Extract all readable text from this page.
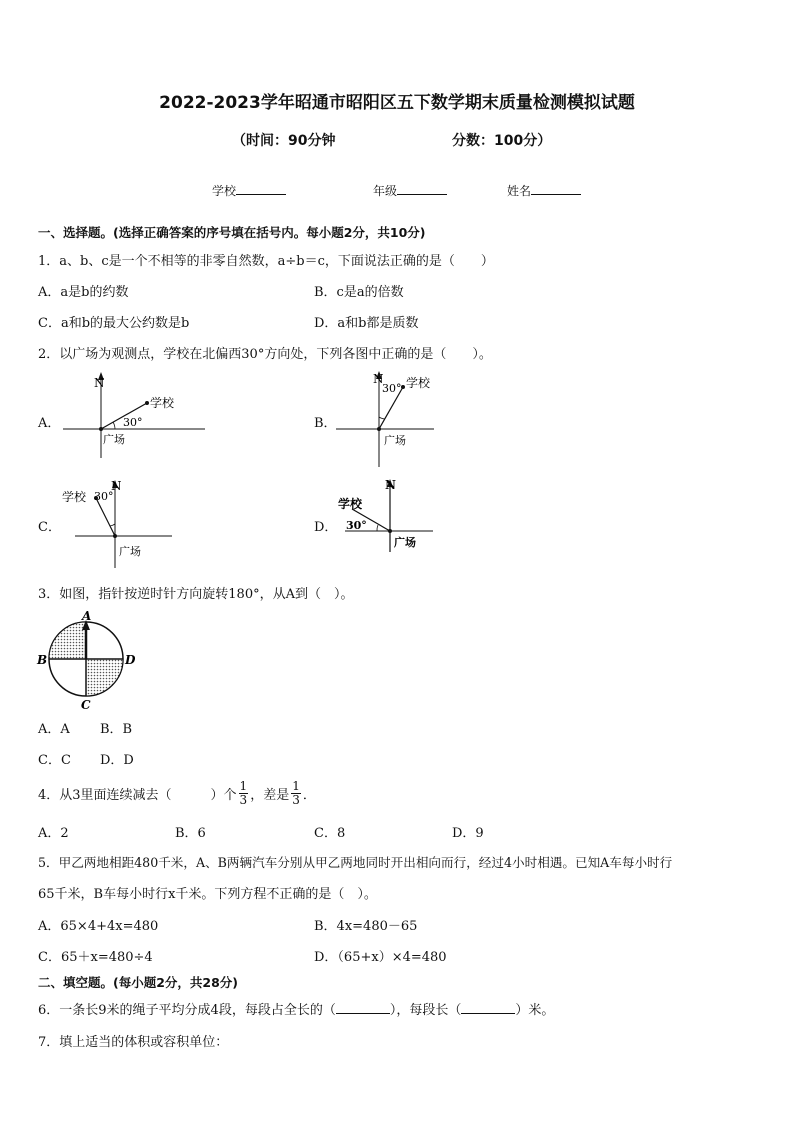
2022-2023学年昭通市昭阳区五下数学期末质量检测模拟试题
（时间：90分钟	分数：100分）
学校	年级	姓名
一、选择题。(选择正确答案的序号填在括号内。每小题2分，共10分)
1．a、b、c是一个不相等的非零自然数，a÷b＝c，下面说法正确的是（　　）
A．a是b的约数	B．c是a的倍数
C．a和b的最大公约数是b	D．a和b都是质数
2．以广场为观测点，学校在北偏西30°方向处，下列各图中正确的是（　　）。
A．	B．
C．	D．
N
学校
30°
广场
N
30° 学校
广场
N
学校 30°
广场
N
学校
30°
广场
3．如图，指针按逆时针方向旋转180°，从A到（　）。
A
B
C
D
A．A B．B
C．C D．D
4．从3里面连续减去（　　　）个 $\frac{1}{3}$ ，差是 $\frac{1}{3}$ ．
A．2	B．6	C．8	D．9
5．甲乙两地相距480千米，A、B两辆汽车分别从甲乙两地同时开出相向而行，经过4小时相遇。已知A车每小时行
65千米，B车每小时行x千米。下列方程不正确的是（　）。
A．65×4+4x=480	B．4x=480－65
C．65＋x=480÷4	D．（65+x）×4=480
二、填空题。(每小题2分，共28分)
6．一条长9米的绳子平均分成4段，每段占全长的（	），每段长（	）米。
7．填上适当的体积或容积单位：
